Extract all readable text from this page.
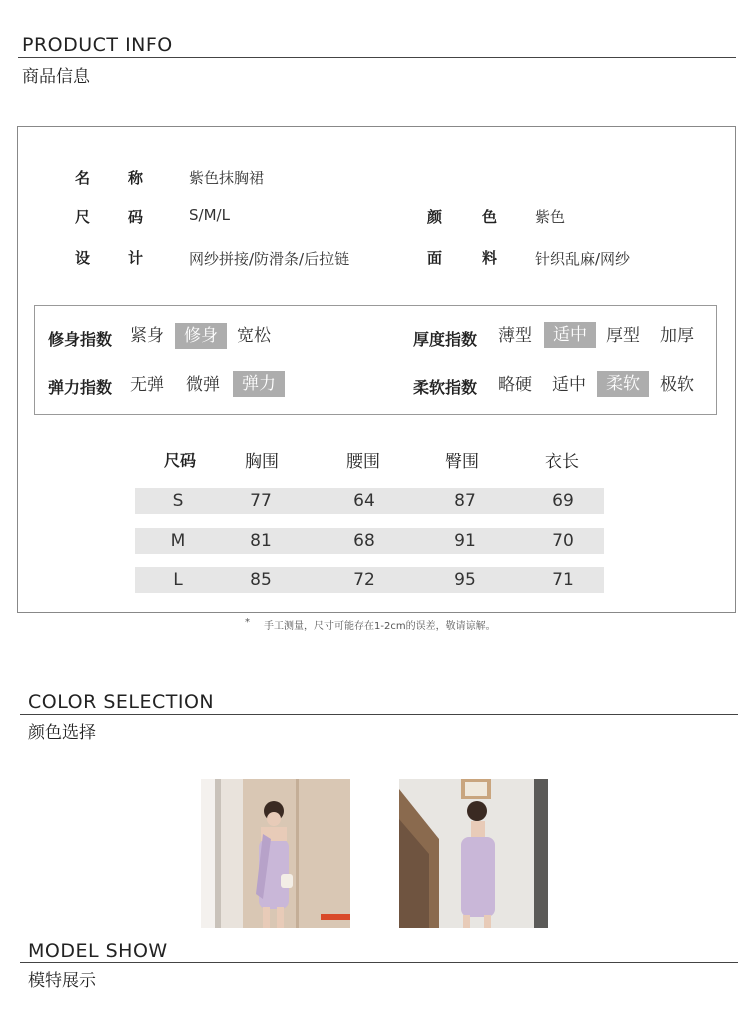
PRODUCT INFO
商品信息
名	称	紫色抹胸裙
尺	码	S/M/L	颜	色	紫色
设	计	网纱拼接/防滑条/后拉链	面	料	针织乱麻/网纱
修身指数	紧身	修身	宽松	厚度指数	薄型	适中	厚型	加厚
弹力指数	无弹	微弹	弹力	柔软指数	略硬	适中	柔软	极软
尺码	胸围	腰围	臀围	衣长
S	77	64	87	69
M	81	68	91	70
L	85	72	95	71
* 手工测量，尺寸可能存在1-2cm的误差，敬请谅解。
COLOR SELECTION
颜色选择
MODEL SHOW
模特展示
